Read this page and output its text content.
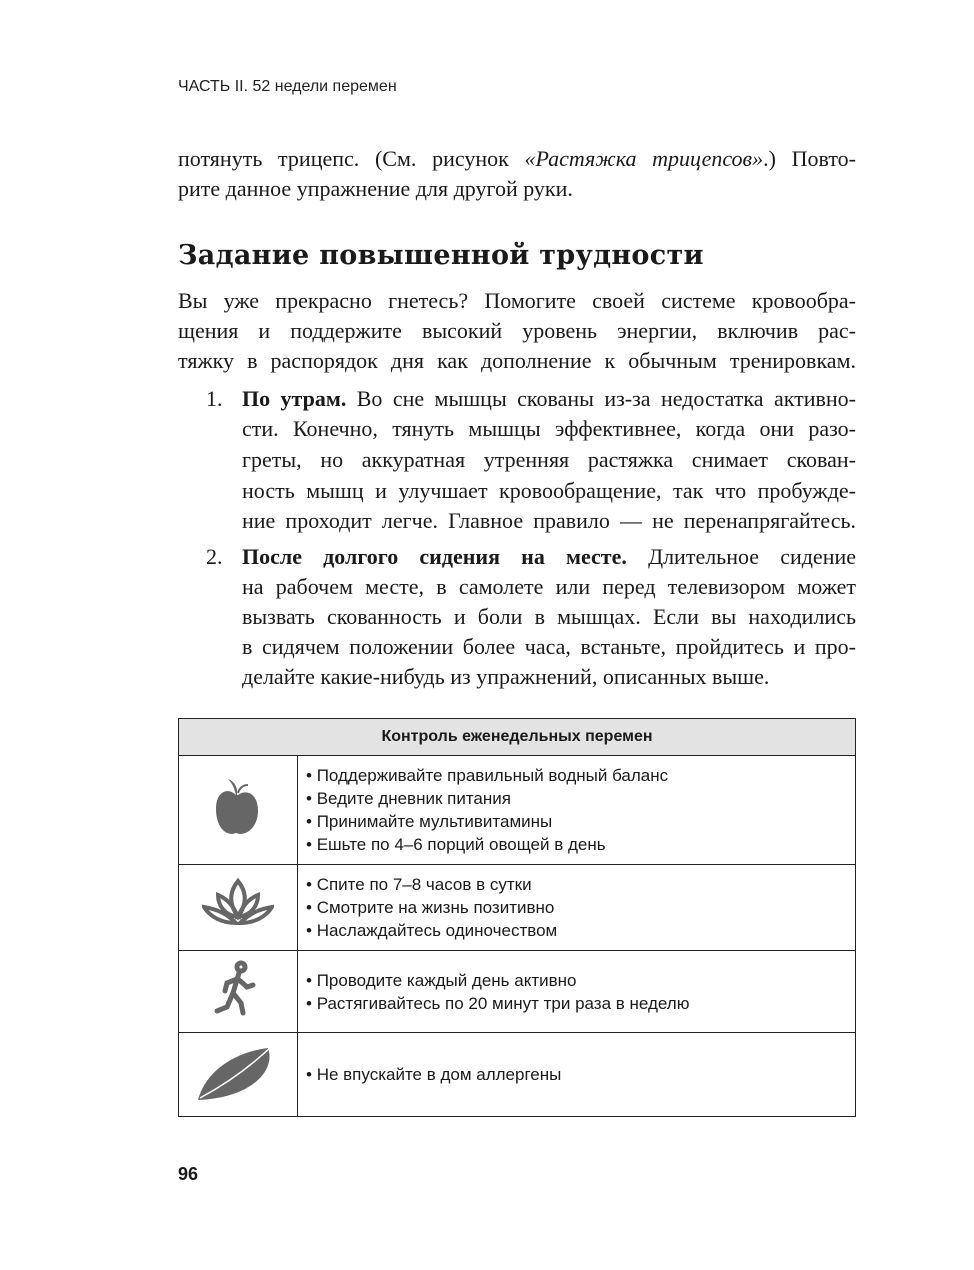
ЧАСТЬ II. 52 недели перемен
потянуть трицепс. (См. рисунок «Растяжка трицепсов».) Повто-
рите данное упражнение для другой руки.
Задание повышенной трудности
Вы уже прекрасно гнетесь? Помогите своей системе кровообра-
щения и поддержите высокий уровень энергии, включив рас-
тяжку в распорядок дня как дополнение к обычным тренировкам.
1. По утрам. Во сне мышцы скованы из-за недостатка активно-
сти. Конечно, тянуть мышцы эффективнее, когда они разо-
греты, но аккуратная утренняя растяжка снимает скован-
ность мышц и улучшает кровообращение, так что пробужде-
ние проходит легче. Главное правило — не перенапрягайтесь.
2. После долгого сидения на месте. Длительное сидение
на рабочем месте, в самолете или перед телевизором может
вызвать скованность и боли в мышцах. Если вы находились
в сидячем положении более часа, встаньте, пройдитесь и про-
делайте какие-нибудь из упражнений, описанных выше.
Контроль еженедельных перемен	

• Поддерживайте правильный водный баланс
• Ведите дневник питания
• Принимайте мультивитамины
• Ешьте по 4–6 порций овощей в день

• Спите по 7–8 часов в сутки
• Смотрите на жизнь позитивно
• Наслаждайтесь одиночеством

• Проводите каждый день активно
• Растягивайтесь по 20 минут три раза в неделю

• Не впускайте в дом аллергены
96
